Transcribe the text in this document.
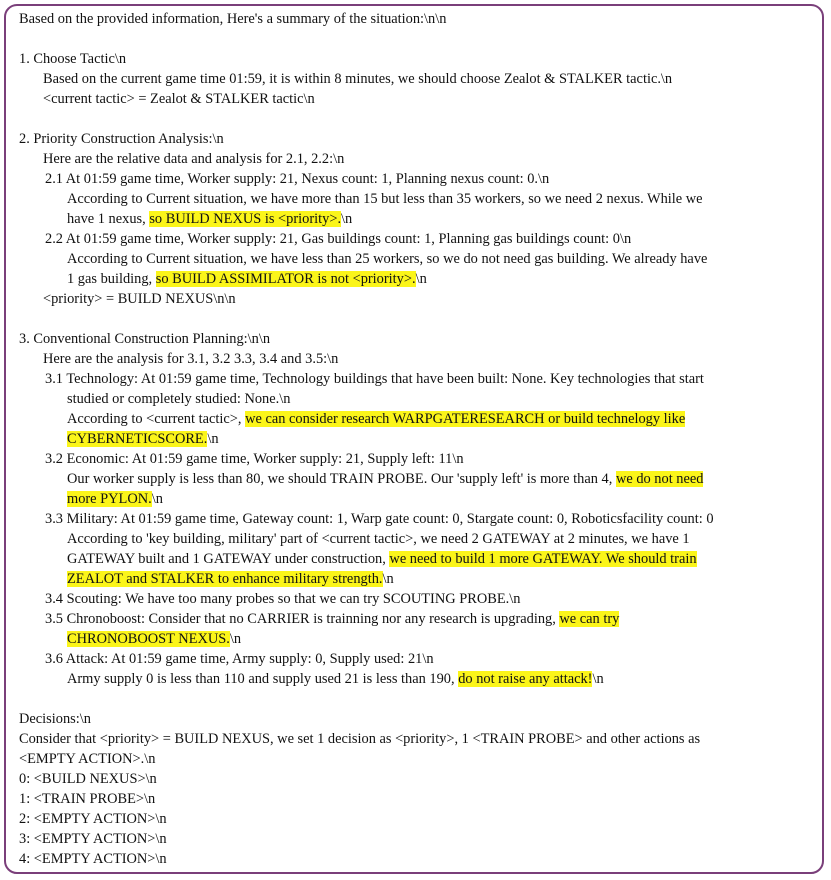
Based on the provided information, Here's a summary of the situation:\n\n
1. Choose Tactic\n
Based on the current game time 01:59, it is within 8 minutes, we should choose Zealot & STALKER tactic.\n
<current tactic> = Zealot & STALKER tactic\n
2. Priority Construction Analysis:\n
Here are the relative data and analysis for 2.1, 2.2:\n
2.1 At 01:59 game time, Worker supply: 21, Nexus count: 1, Planning nexus count: 0.\n
According to Current situation, we have more than 15 but less than 35 workers, so we need 2 nexus. While we
have 1 nexus, so BUILD NEXUS is <priority>.\n
2.2 At 01:59 game time, Worker supply: 21, Gas buildings count: 1, Planning gas buildings count: 0\n
According to Current situation, we have less than 25 workers, so we do not need gas building. We already have
1 gas building, so BUILD ASSIMILATOR is not <priority>.\n
<priority> = BUILD NEXUS\n\n
3. Conventional Construction Planning:\n\n
Here are the analysis for 3.1, 3.2 3.3, 3.4 and 3.5:\n
3.1 Technology: At 01:59 game time, Technology buildings that have been built: None. Key technologies that start
studied or completely studied: None.\n
According to <current tactic>, we can consider research WARPGATERESEARCH or build technelogy like
CYBERNETICSCORE.\n
3.2 Economic: At 01:59 game time, Worker supply: 21, Supply left: 11\n
Our worker supply is less than 80, we should TRAIN PROBE. Our 'supply left' is more than 4, we do not need
more PYLON.\n
3.3 Military: At 01:59 game time, Gateway count: 1, Warp gate count: 0, Stargate count: 0, Roboticsfacility count: 0
According to 'key building, military' part of <current tactic>, we need 2 GATEWAY at 2 minutes, we have 1
GATEWAY built and 1 GATEWAY under construction, we need to build 1 more GATEWAY. We should train
ZEALOT and STALKER to enhance military strength.\n
3.4 Scouting: We have too many probes so that we can try SCOUTING PROBE.\n
3.5 Chronoboost: Consider that no CARRIER is trainning nor any research is upgrading, we can try
CHRONOBOOST NEXUS.\n
3.6 Attack: At 01:59 game time, Army supply: 0, Supply used: 21\n
Army supply 0 is less than 110 and supply used 21 is less than 190, do not raise any attack!\n
Decisions:\n
Consider that <priority> = BUILD NEXUS, we set 1 decision as <priority>, 1 <TRAIN PROBE> and other actions as
<EMPTY ACTION>.\n
0: <BUILD NEXUS>\n
1: <TRAIN PROBE>\n
2: <EMPTY ACTION>\n
3: <EMPTY ACTION>\n
4: <EMPTY ACTION>\n
